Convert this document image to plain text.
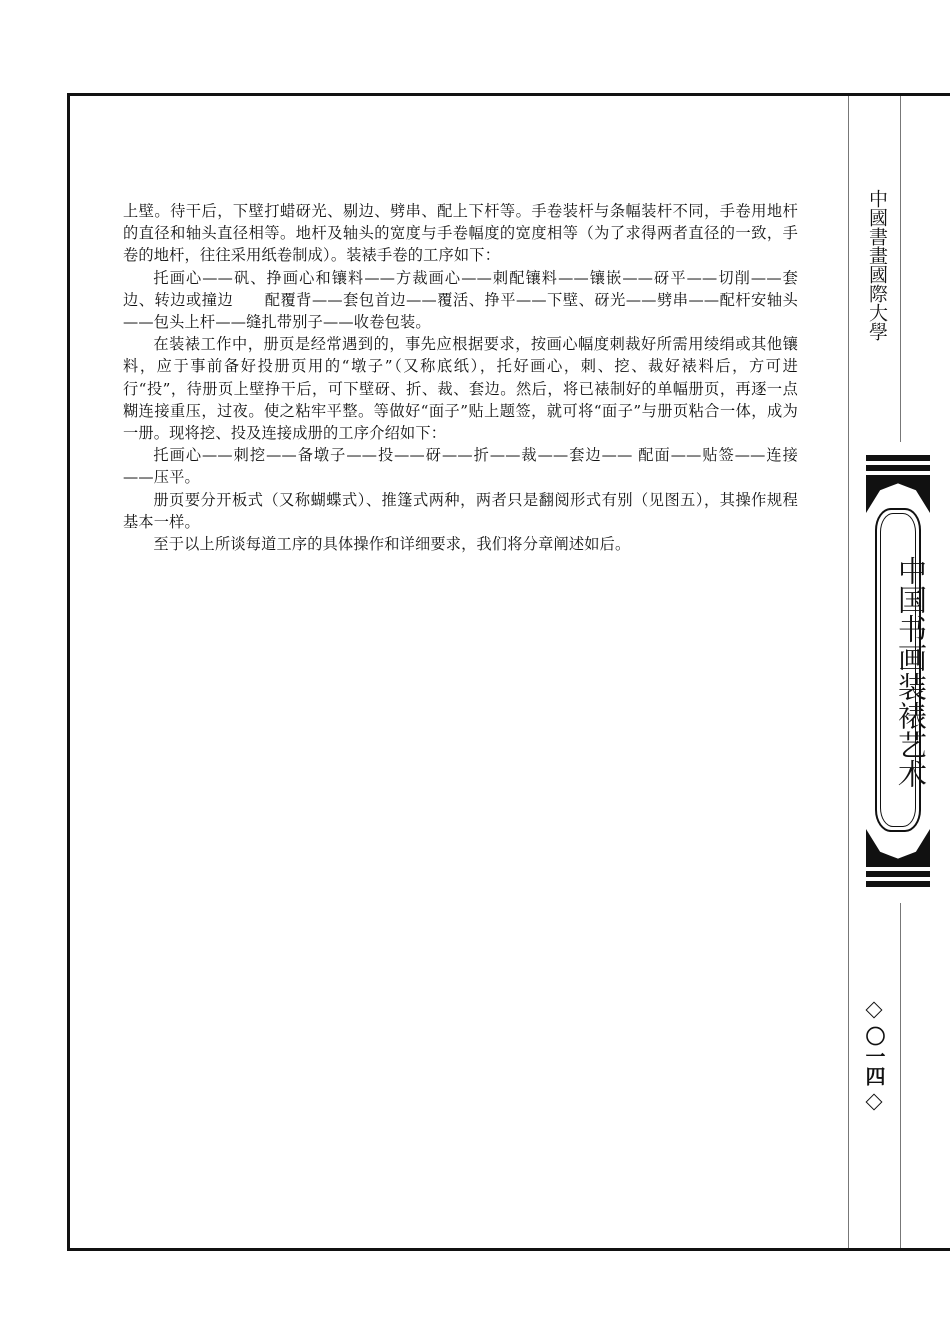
上壁。待干后，下壁打蜡砑光、剔边、劈串、配上下杆等。手卷装杆与条幅装杆不同，手卷用地杆的直径和轴头直径相等。地杆及轴头的宽度与手卷幅度的宽度相等（为了求得两者直径的一致，手卷的地杆，往往采用纸卷制成）。装裱手卷的工序如下：

托画心——矾、挣画心和镶料——方裁画心——刺配镶料——镶嵌——砑平——切削——套边、转边或撞边　　配覆背——套包首边——覆活、挣平——下壁、砑光——劈串——配杆安轴头——包头上杆——缝扎带别子——收卷包装。

在装裱工作中，册页是经常遇到的，事先应根据要求，按画心幅度刺裁好所需用绫绢或其他镶料，应于事前备好投册页用的“墩子”（又称底纸），托好画心，刺、挖、裁好裱料后，方可进行“投”，待册页上壁挣干后，可下壁砑、折、裁、套边。然后，将已裱制好的单幅册页，再逐一点糊连接重压，过夜。使之粘牢平整。等做好“面子”贴上题签，就可将“面子”与册页粘合一体，成为一册。现将挖、投及连接成册的工序介绍如下：

托画心——刺挖——备墩子——投——砑——折——裁——套边—— 配面——贴签——连接——压平。

册页要分开板式（又称蝴蝶式）、推篷式两种，两者只是翻阅形式有别（见图五），其操作规程基本一样。

至于以上所谈每道工序的具体操作和详细要求，我们将分章阐述如后。

中國書畫國際大學
中国书画装裱艺术
〇一四
